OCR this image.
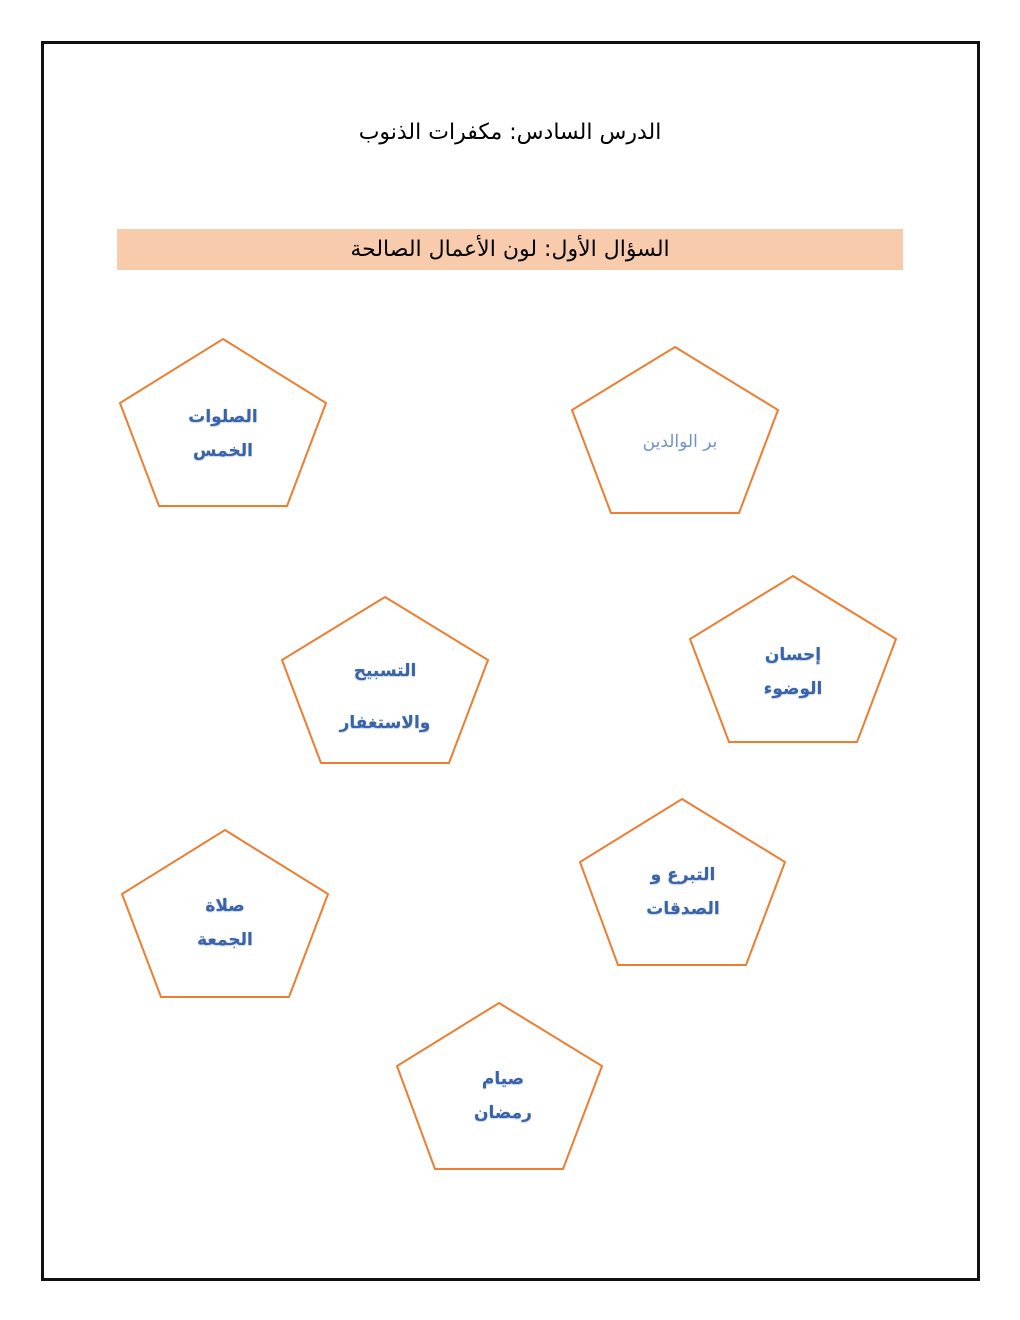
الدرس السادس: مكفرات الذنوب
السؤال الأول: لون الأعمال الصالحة
الصلوات
الخمس	بر الوالدين
التسبيح
والاستغفار
إحسان
الوضوء
صلاة
الجمعة
التبرع و
الصدقات
صيام
رمضان
